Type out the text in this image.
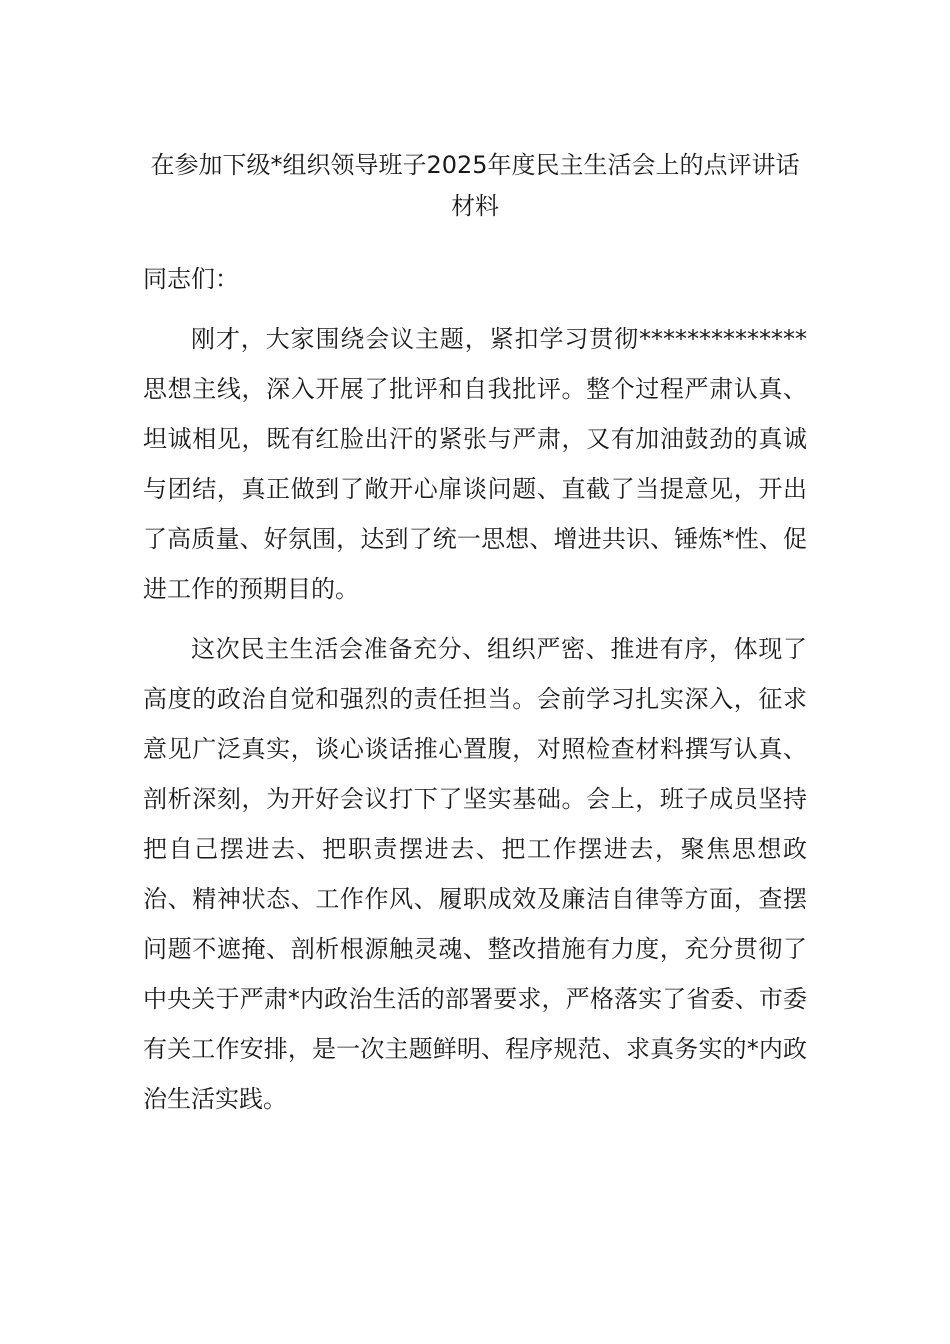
在参加下级*组织领导班子2025年度民主生活会上的点评讲话材料

同志们：

刚才，大家围绕会议主题，紧扣学习贯彻**************思想主线，深入开展了批评和自我批评。整个过程严肃认真、坦诚相见，既有红脸出汗的紧张与严肃，又有加油鼓劲的真诚与团结，真正做到了敞开心扉谈问题、直截了当提意见，开出了高质量、好氛围，达到了统一思想、增进共识、锤炼*性、促进工作的预期目的。

这次民主生活会准备充分、组织严密、推进有序，体现了高度的政治自觉和强烈的责任担当。会前学习扎实深入，征求意见广泛真实，谈心谈话推心置腹，对照检查材料撰写认真、剖析深刻，为开好会议打下了坚实基础。会上，班子成员坚持把自己摆进去、把职责摆进去、把工作摆进去，聚焦思想政治、精神状态、工作作风、履职成效及廉洁自律等方面，查摆问题不遮掩、剖析根源触灵魂、整改措施有力度，充分贯彻了中央关于严肃*内政治生活的部署要求，严格落实了省委、市委有关工作安排，是一次主题鲜明、程序规范、求真务实的*内政治生活实践。
